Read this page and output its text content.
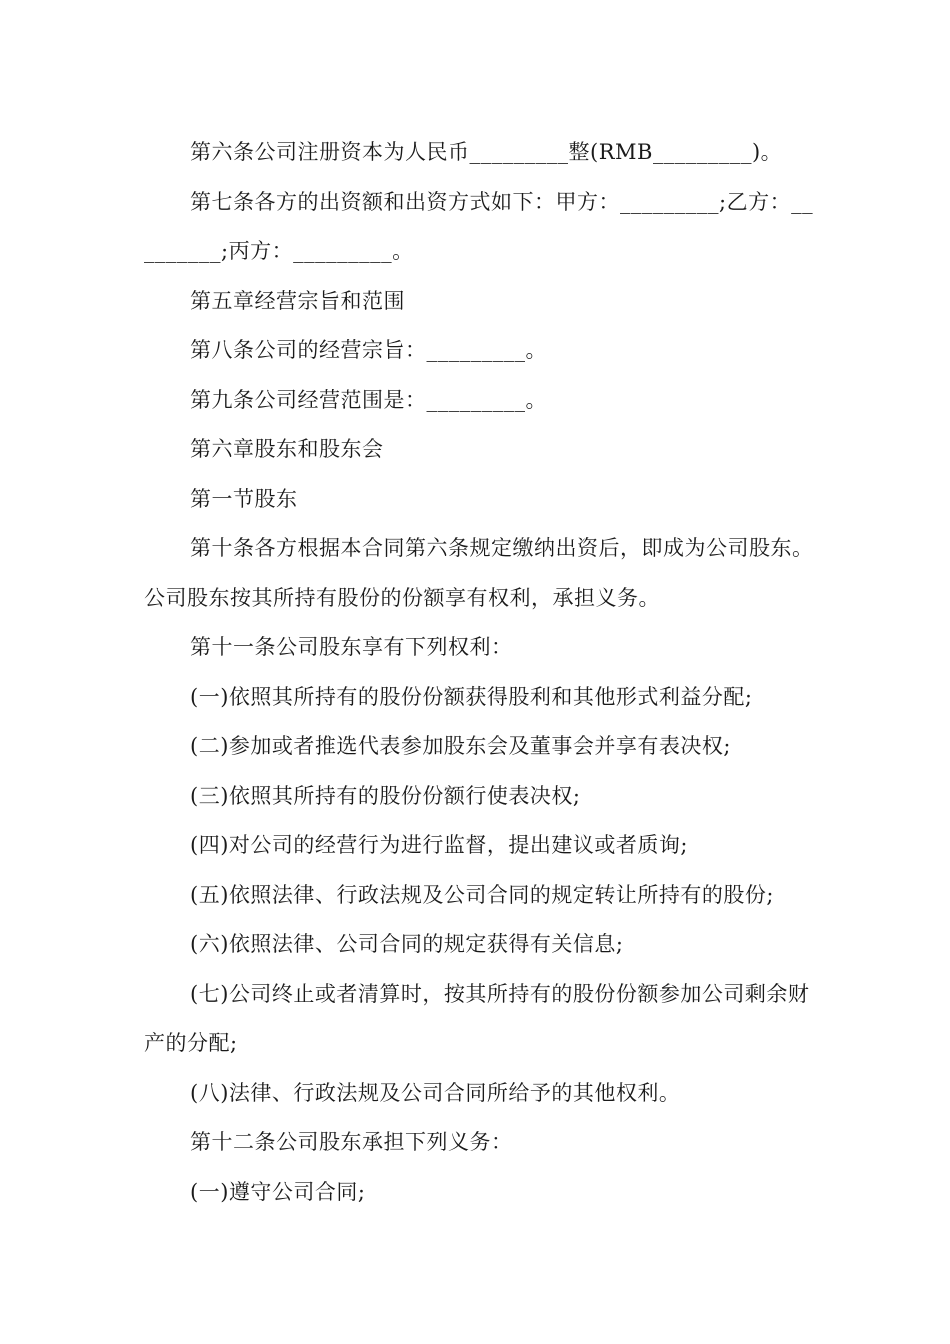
第六条公司注册资本为人民币_________整(RMB_________)。

第七条各方的出资额和出资方式如下：甲方：_________;乙方：_________;丙方：_________。

第五章经营宗旨和范围

第八条公司的经营宗旨：_________。

第九条公司经营范围是：_________。

第六章股东和股东会

第一节股东

第十条各方根据本合同第六条规定缴纳出资后，即成为公司股东。公司股东按其所持有股份的份额享有权利，承担义务。

第十一条公司股东享有下列权利：

(一)依照其所持有的股份份额获得股利和其他形式利益分配;

(二)参加或者推选代表参加股东会及董事会并享有表决权;

(三)依照其所持有的股份份额行使表决权;

(四)对公司的经营行为进行监督，提出建议或者质询;

(五)依照法律、行政法规及公司合同的规定转让所持有的股份;

(六)依照法律、公司合同的规定获得有关信息;

(七)公司终止或者清算时，按其所持有的股份份额参加公司剩余财产的分配;

(八)法律、行政法规及公司合同所给予的其他权利。

第十二条公司股东承担下列义务：

(一)遵守公司合同;
